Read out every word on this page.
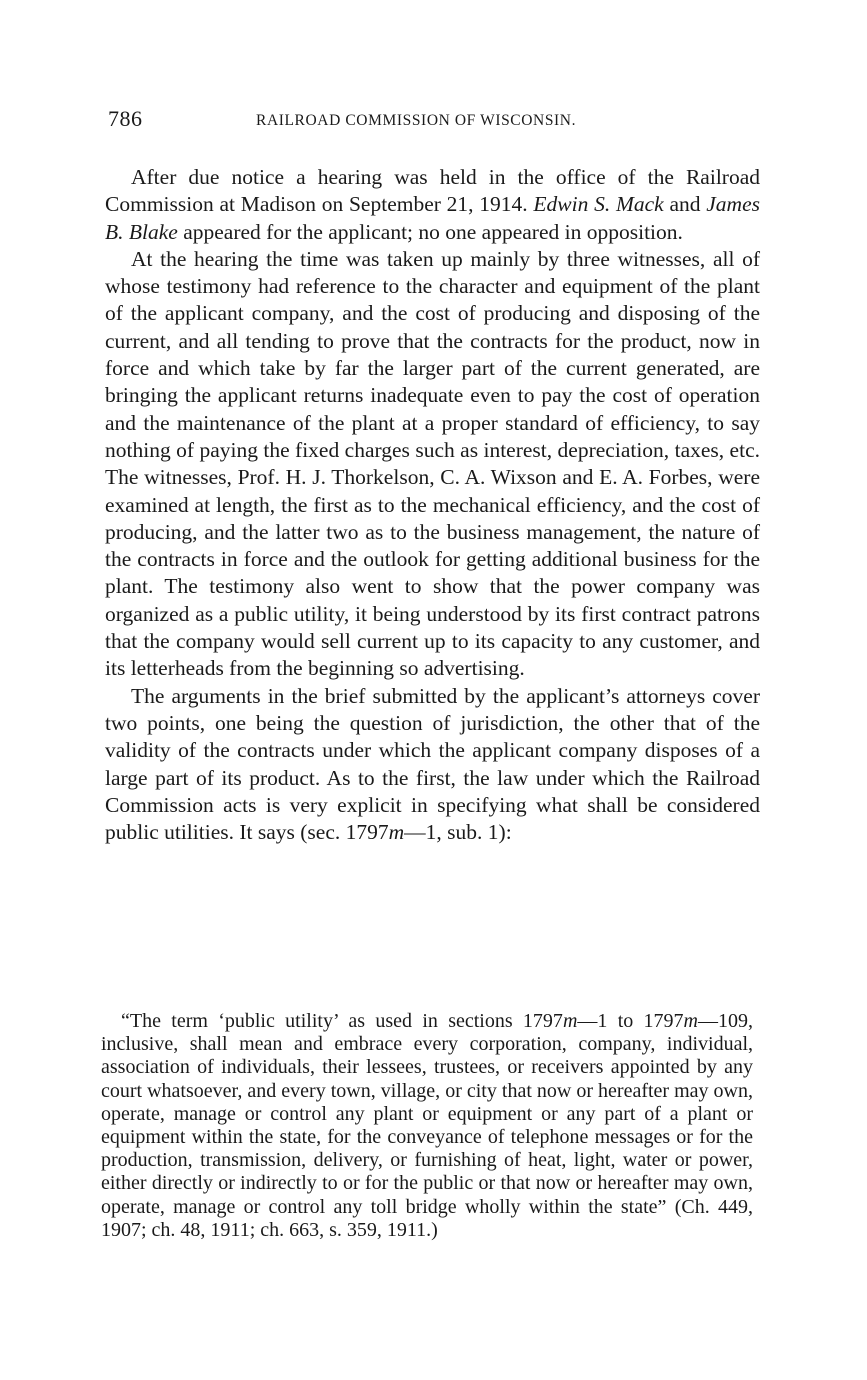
786	RAILROAD COMMISSION OF WISCONSIN.

After due notice a hearing was held in the office of the Railroad Commission at Madison on September 21, 1914. Edwin S. Mack and James B. Blake appeared for the applicant; no one appeared in opposition.

At the hearing the time was taken up mainly by three witnesses, all of whose testimony had reference to the character and equipment of the plant of the applicant company, and the cost of producing and disposing of the current, and all tending to prove that the contracts for the product, now in force and which take by far the larger part of the current generated, are bringing the applicant returns inadequate even to pay the cost of operation and the maintenance of the plant at a proper standard of efficiency, to say nothing of paying the fixed charges such as interest, depreciation, taxes, etc. The witnesses, Prof. H. J. Thorkelson, C. A. Wixson and E. A. Forbes, were examined at length, the first as to the mechanical efficiency, and the cost of producing, and the latter two as to the business management, the nature of the contracts in force and the outlook for getting additional business for the plant. The testimony also went to show that the power company was organized as a public utility, it being understood by its first contract patrons that the company would sell current up to its capacity to any customer, and its letterheads from the beginning so advertising.

The arguments in the brief submitted by the applicant’s attorneys cover two points, one being the question of jurisdiction, the other that of the validity of the contracts under which the applicant company disposes of a large part of its product. As to the first, the law under which the Railroad Commission acts is very explicit in specifying what shall be considered public utilities. It says (sec. 1797m—1, sub. 1):

“The term ‘public utility’ as used in sections 1797m—1 to 1797m—109, inclusive, shall mean and embrace every corporation, company, individual, association of individuals, their lessees, trustees, or receivers appointed by any court whatsoever, and every town, village, or city that now or hereafter may own, operate, manage or control any plant or equipment or any part of a plant or equipment within the state, for the conveyance of telephone messages or for the production, transmission, delivery, or furnishing of heat, light, water or power, either directly or indirectly to or for the public or that now or hereafter may own, operate, manage or control any toll bridge wholly within the state” (Ch. 449, 1907; ch. 48, 1911; ch. 663, s. 359, 1911.)
